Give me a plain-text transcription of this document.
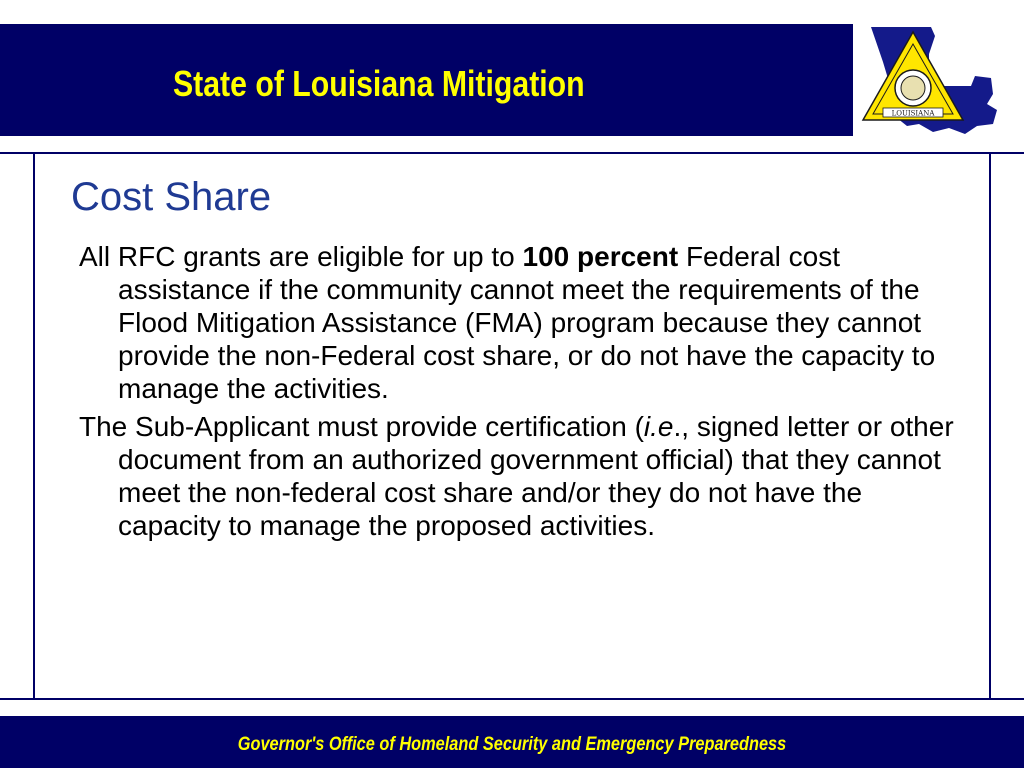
State of Louisiana Mitigation
LOUISIANA
Cost Share

All RFC grants are eligible for up to 100 percent Federal cost assistance if the community cannot meet the requirements of the Flood Mitigation Assistance (FMA) program because they cannot provide the non-Federal cost share, or do not have the capacity to manage the activities.

The Sub-Applicant must provide certification (i.e., signed letter or other document from an authorized government official) that they cannot meet the non-federal cost share and/or they do not have the capacity to manage the proposed activities.

Governor's Office of Homeland Security and Emergency Preparedness
